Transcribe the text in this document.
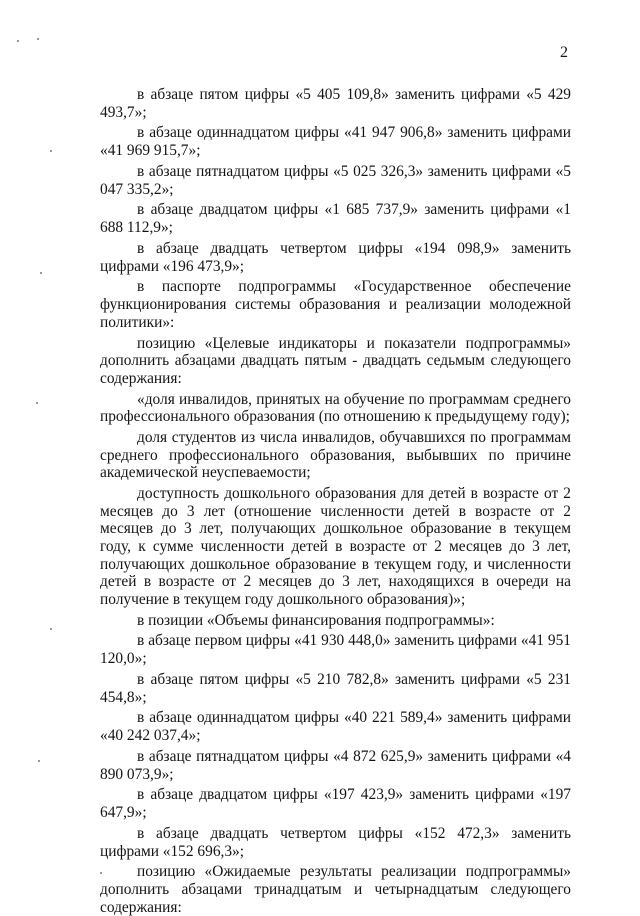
2

в абзаце пятом цифры «5 405 109,8» заменить цифрами «5 429 493,7»;

в абзаце одиннадцатом цифры «41 947 906,8» заменить цифрами «41 969 915,7»;

в абзаце пятнадцатом цифры «5 025 326,3» заменить цифрами «5 047 335,2»;

в абзаце двадцатом цифры «1 685 737,9» заменить цифрами «1 688 112,9»;

в абзаце двадцать четвертом цифры «194 098,9» заменить цифрами «196 473,9»;

в паспорте подпрограммы «Государственное обеспечение функционирования системы образования и реализации молодежной политики»:

позицию «Целевые индикаторы и показатели подпрограммы» дополнить абзацами двадцать пятым - двадцать седьмым следующего содержания:

«доля инвалидов, принятых на обучение по программам среднего профессионального образования (по отношению к предыдущему году);

доля студентов из числа инвалидов, обучавшихся по программам среднего профессионального образования, выбывших по причине академической неуспеваемости;

доступность дошкольного образования для детей в возрасте от 2 месяцев до 3 лет (отношение численности детей в возрасте от 2 месяцев до 3 лет, получающих дошкольное образование в текущем году, к сумме численности детей в возрасте от 2 месяцев до 3 лет, получающих дошкольное образование в текущем году, и численности детей в возрасте от 2 месяцев до 3 лет, находящихся в очереди на получение в текущем году дошкольного образования)»;

в позиции «Объемы финансирования подпрограммы»:

в абзаце первом цифры «41 930 448,0» заменить цифрами «41 951 120,0»;

в абзаце пятом цифры «5 210 782,8» заменить цифрами «5 231 454,8»;

в абзаце одиннадцатом цифры «40 221 589,4» заменить цифрами «40 242 037,4»;

в абзаце пятнадцатом цифры «4 872 625,9» заменить цифрами «4 890 073,9»;

в абзаце двадцатом цифры «197 423,9» заменить цифрами «197 647,9»;

в абзаце двадцать четвертом цифры «152 472,3» заменить цифрами «152 696,3»;

позицию «Ожидаемые результаты реализации подпрограммы» дополнить абзацами тринадцатым и четырнадцатым следующего содержания:
